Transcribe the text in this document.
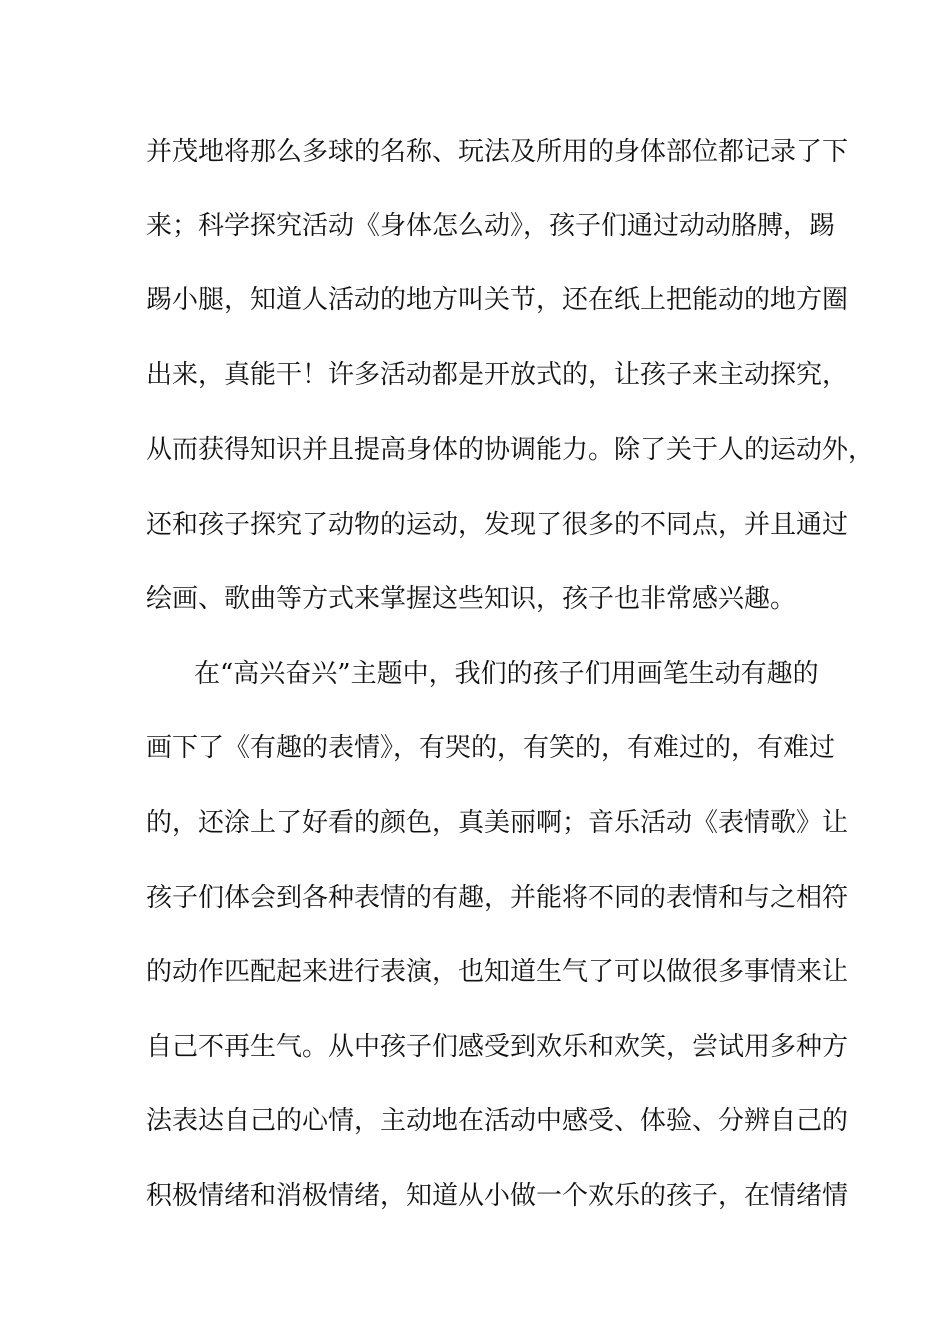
并茂地将那么多球的名称、玩法及所用的身体部位都记录了下
来；科学探究活动《身体怎么动》，孩子们通过动动胳膊，踢
踢小腿，知道人活动的地方叫关节，还在纸上把能动的地方圈
出来，真能干！许多活动都是开放式的，让孩子来主动探究，
从而获得知识并且提高身体的协调能力。除了关于人的运动外，
还和孩子探究了动物的运动，发现了很多的不同点，并且通过
绘画、歌曲等方式来掌握这些知识，孩子也非常感兴趣。
在“高兴奋兴”主题中，我们的孩子们用画笔生动有趣的
画下了《有趣的表情》，有哭的，有笑的，有难过的，有难过
的，还涂上了好看的颜色，真美丽啊；音乐活动《表情歌》让
孩子们体会到各种表情的有趣，并能将不同的表情和与之相符
的动作匹配起来进行表演，也知道生气了可以做很多事情来让
自己不再生气。从中孩子们感受到欢乐和欢笑，尝试用多种方
法表达自己的心情，主动地在活动中感受、体验、分辨自己的
积极情绪和消极情绪，知道从小做一个欢乐的孩子，在情绪情
